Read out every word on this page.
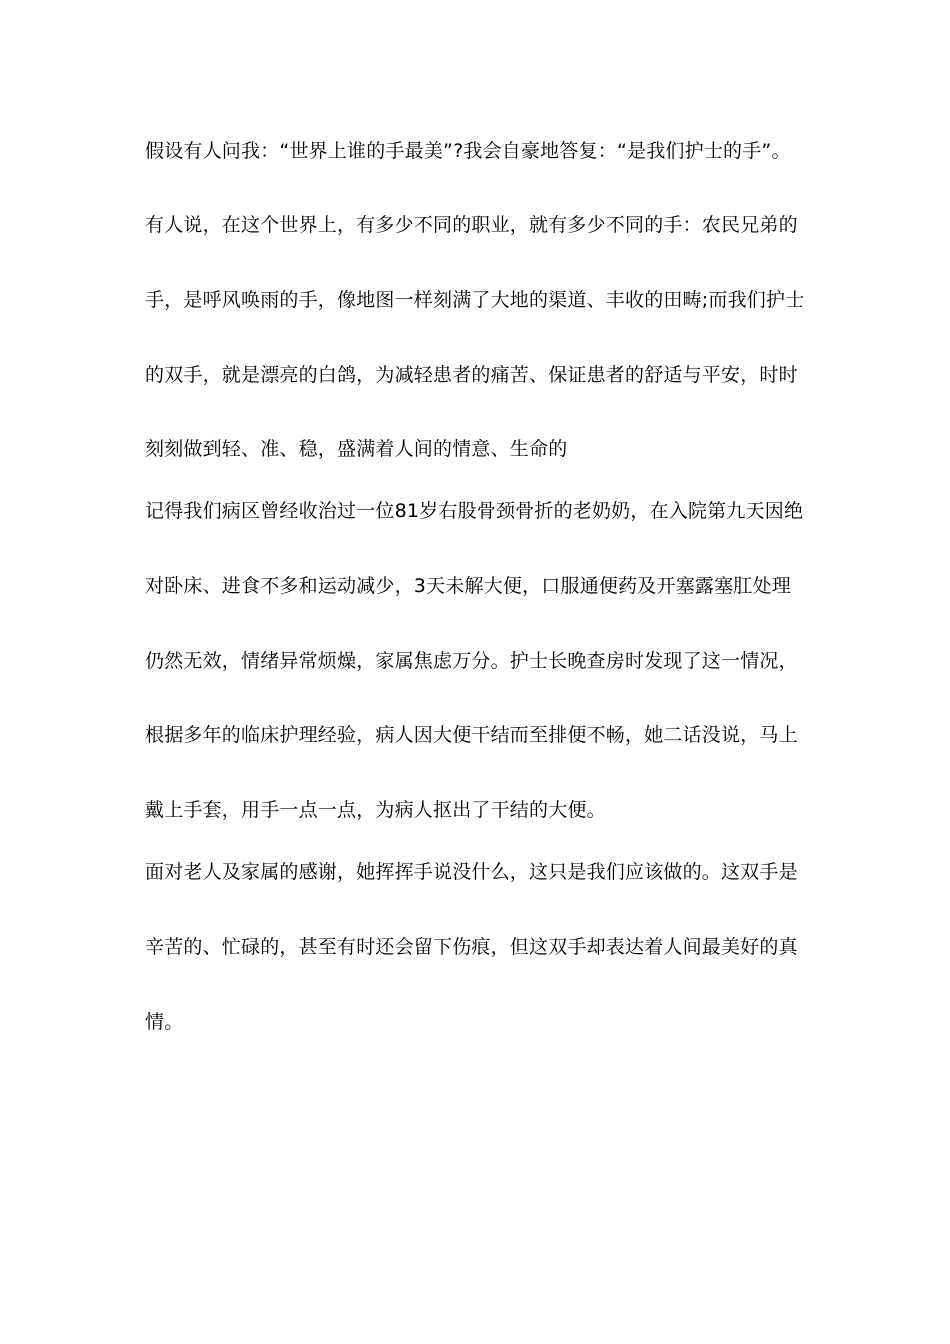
假设有人问我：“世界上谁的手最美”?我会自豪地答复：“是我们护士的手”。
有人说，在这个世界上，有多少不同的职业，就有多少不同的手：农民兄弟的
手，是呼风唤雨的手，像地图一样刻满了大地的渠道、丰收的田畴;而我们护士
的双手，就是漂亮的白鸽，为减轻患者的痛苦、保证患者的舒适与平安，时时
刻刻做到轻、准、稳，盛满着人间的情意、生命的
记得我们病区曾经收治过一位81岁右股骨颈骨折的老奶奶，在入院第九天因绝
对卧床、进食不多和运动减少，3天未解大便，口服通便药及开塞露塞肛处理
仍然无效，情绪异常烦燥，家属焦虑万分。护士长晚查房时发现了这一情况，
根据多年的临床护理经验，病人因大便干结而至排便不畅，她二话没说，马上
戴上手套，用手一点一点，为病人抠出了干结的大便。
面对老人及家属的感谢，她挥挥手说没什么，这只是我们应该做的。这双手是
辛苦的、忙碌的，甚至有时还会留下伤痕，但这双手却表达着人间最美好的真
情。
